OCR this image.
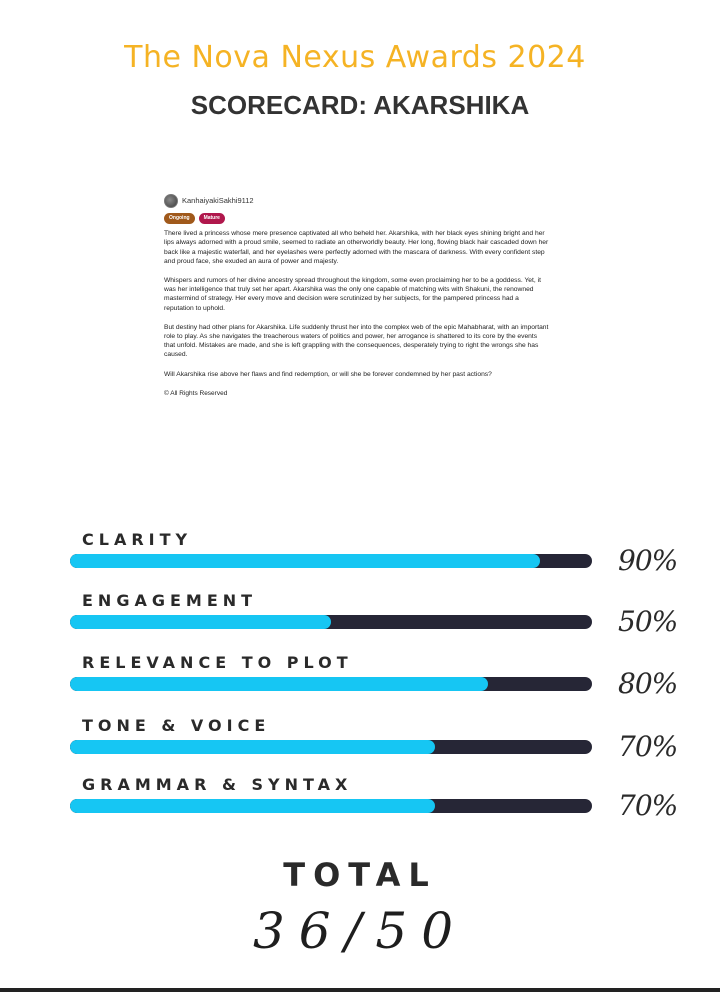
The Nova Nexus Awards 2024
SCORECARD: AKARSHIKA
KanhaiyakiSakhi9112
Ongoing	Mature

There lived a princess whose mere presence captivated all who beheld her. Akarshika, with her black eyes shining bright and her lips always adorned with a proud smile, seemed to radiate an otherworldly beauty. Her long, flowing black hair cascaded down her back like a majestic waterfall, and her eyelashes were perfectly adorned with the mascara of darkness. With every confident step and proud face, she exuded an aura of power and majesty.

Whispers and rumors of her divine ancestry spread throughout the kingdom, some even proclaiming her to be a goddess. Yet, it was her intelligence that truly set her apart. Akarshika was the only one capable of matching wits with Shakuni, the renowned mastermind of strategy. Her every move and decision were scrutinized by her subjects, for the pampered princess had a reputation to uphold.

But destiny had other plans for Akarshika. Life suddenly thrust her into the complex web of the epic Mahabharat, with an important role to play. As she navigates the treacherous waters of politics and power, her arrogance is shattered to its core by the events that unfold. Mistakes are made, and she is left grappling with the consequences, desperately trying to right the wrongs she has caused.

Will Akarshika rise above her flaws and find redemption, or will she be forever condemned by her past actions?

© All Rights Reserved
CLARITY
90%
ENGAGEMENT
50%
RELEVANCE TO PLOT
80%
TONE & VOICE
70%
GRAMMAR & SYNTAX
70%
TOTAL
36/50
